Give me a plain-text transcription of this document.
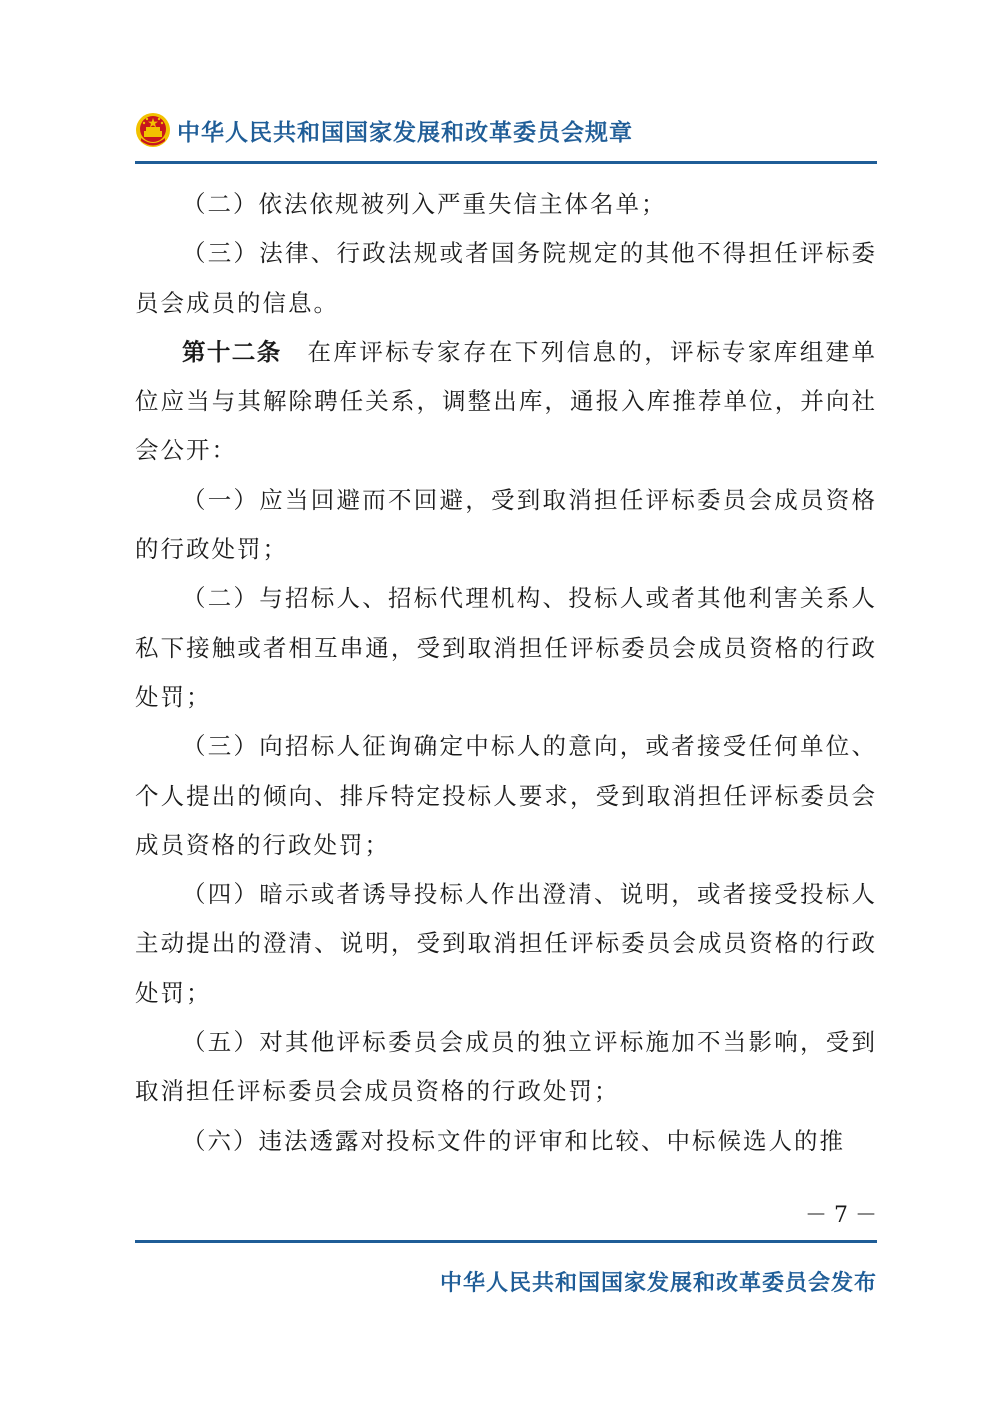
中华人民共和国国家发展和改革委员会规章

（二）依法依规被列入严重失信主体名单；

（三）法律、行政法规或者国务院规定的其他不得担任评标委员会成员的信息。

第十二条　 在库评标专家存在下列信息的，评标专家库组建单位应当与其解除聘任关系，调整出库，通报入库推荐单位，并向社会公开：

（一）应当回避而不回避，受到取消担任评标委员会成员资格的行政处罚；

（二）与招标人、招标代理机构、投标人或者其他利害关系人私下接触或者相互串通，受到取消担任评标委员会成员资格的行政处罚；

（三）向招标人征询确定中标人的意向，或者接受任何单位、个人提出的倾向、排斥特定投标人要求，受到取消担任评标委员会成员资格的行政处罚；

（四）暗示或者诱导投标人作出澄清、说明，或者接受投标人主动提出的澄清、说明，受到取消担任评标委员会成员资格的行政处罚；

（五）对其他评标委员会成员的独立评标施加不当影响，受到取消担任评标委员会成员资格的行政处罚；

（六）违法透露对投标文件的评审和比较、中标候选人的推

－ 7 －
中华人民共和国国家发展和改革委员会发布
